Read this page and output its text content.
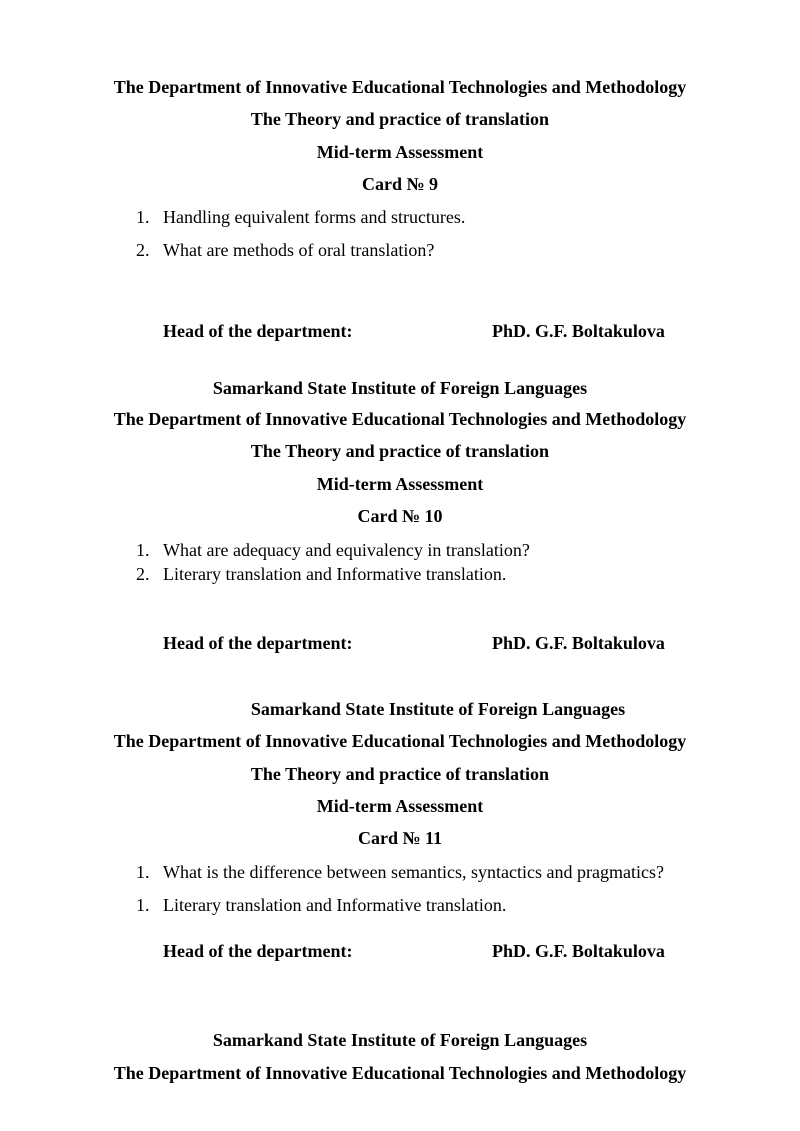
The Department of Innovative Educational Technologies and Methodology
The Theory and practice of translation
Mid-term Assessment
Card № 9
1. Handling equivalent forms and structures.
2. What are methods of oral translation?
Head of the department:	PhD. G.F. Boltakulova
Samarkand State Institute of Foreign Languages
The Department of Innovative Educational Technologies and Methodology
The Theory and practice of translation
Mid-term Assessment
Card № 10
1. What are adequacy and equivalency in translation?
2. Literary translation and Informative translation.
Head of the department:	PhD. G.F. Boltakulova
Samarkand State Institute of Foreign Languages
The Department of Innovative Educational Technologies and Methodology
The Theory and practice of translation
Mid-term Assessment
Card № 11
1. What is the difference between semantics, syntactics and pragmatics?
1. Literary translation and Informative translation.
Head of the department:	PhD. G.F. Boltakulova
Samarkand State Institute of Foreign Languages
The Department of Innovative Educational Technologies and Methodology
